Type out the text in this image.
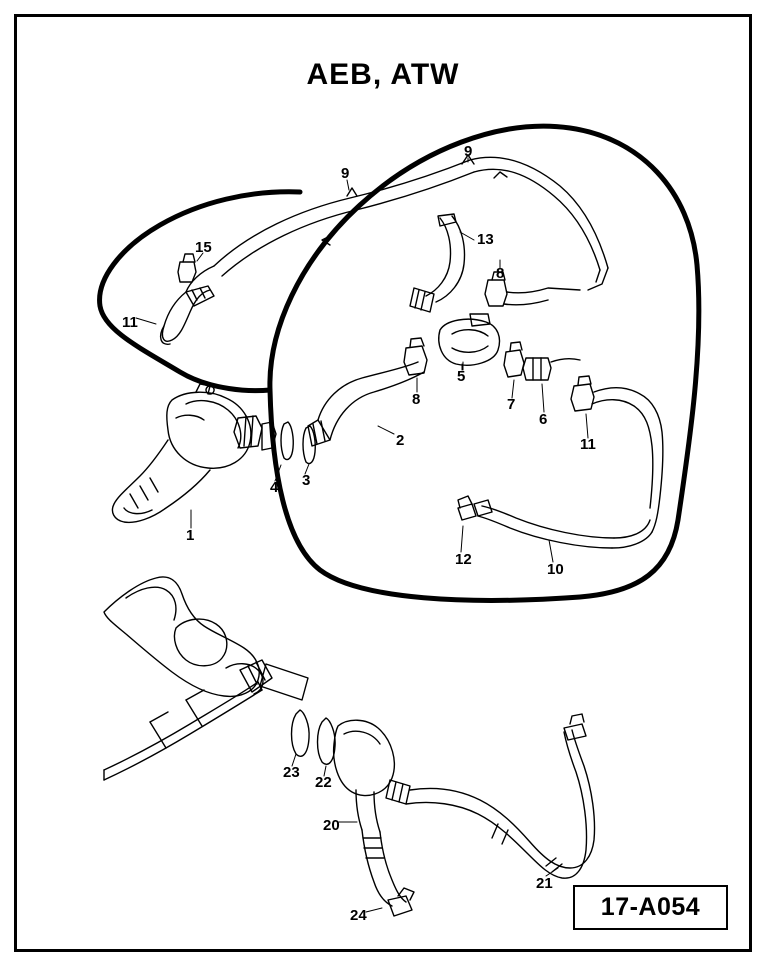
AEB, ATW
1
2
3
4
5
6
7
8
8
9
9
10
11
11
12
13
15
20
21
22
23
24	17-A054
